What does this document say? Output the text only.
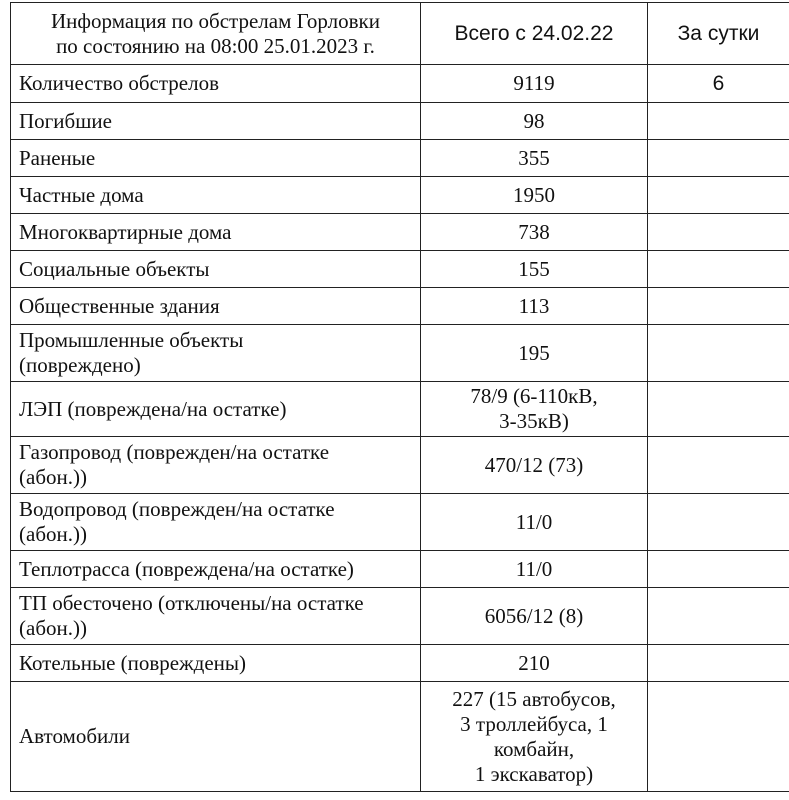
Информация по обстрелам Горловки
по состоянию на 08:00 25.01.2023 г.	Всего с 24.02.22	За сутки
Количество обстрелов	9119	6
Погибшие	98	
Раненые	355	
Частные дома	1950	
Многоквартирные дома	738	
Социальные объекты	155	
Общественные здания	113	

Промышленные объекты
(повреждено)	195	
ЛЭП (повреждена/на остатке)	78/9 (6-110кВ,
3-35кВ)	

Газопровод (поврежден/на остатке
(абон.))	470/12 (73)	

Водопровод (поврежден/на остатке
(абон.))	11/0	
Теплотрасса (повреждена/на остатке)	11/0	

ТП обесточено (отключены/на остатке
(абон.))	6056/12 (8)	
Котельные (повреждены)	210	
Автомобили	227 (15 автобусов,
3 троллейбуса, 1
комбайн,
1 экскаватор)	
